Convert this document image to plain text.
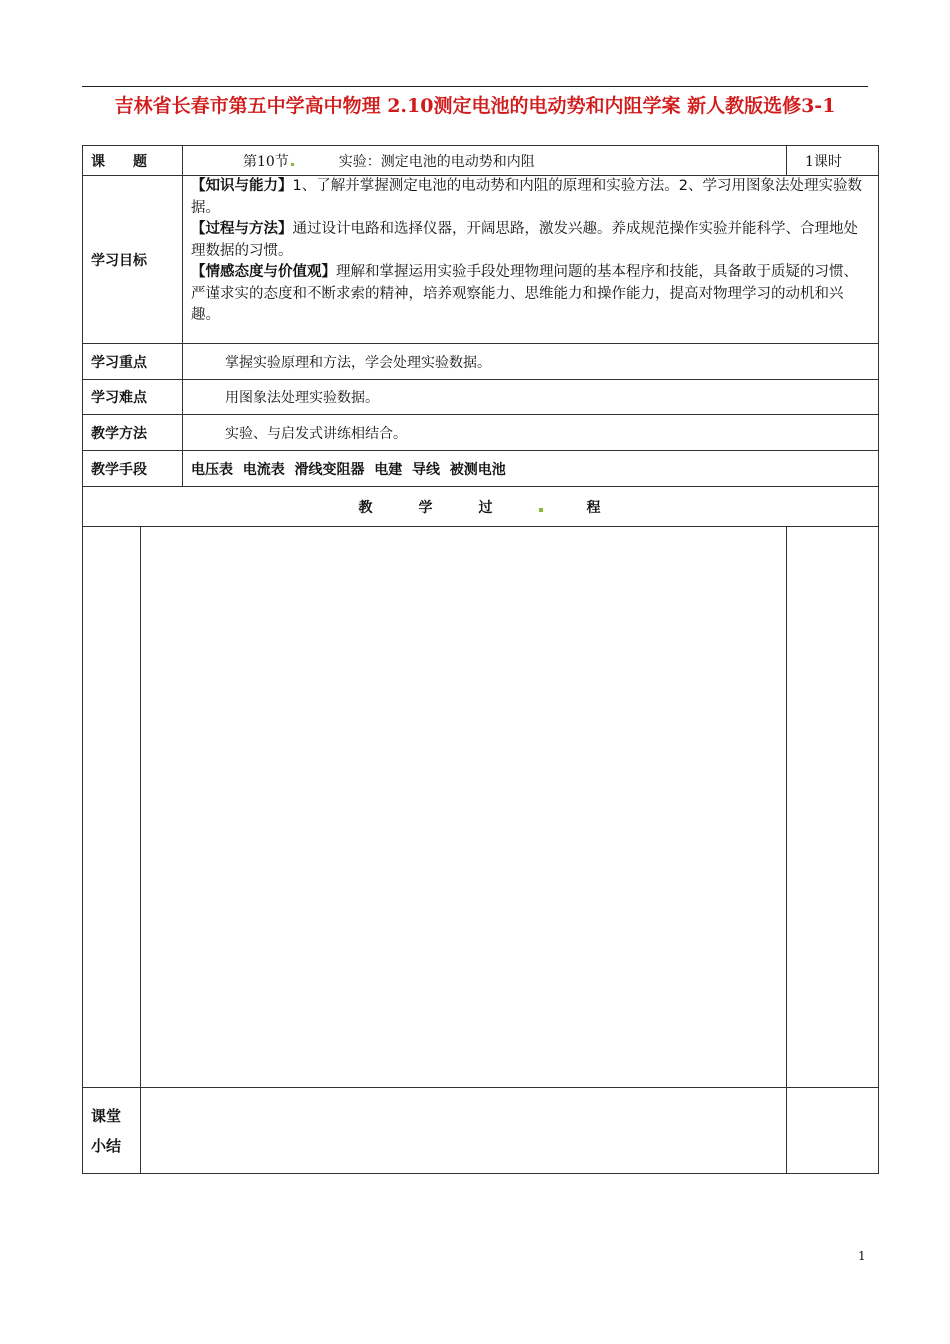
吉林省长春市第五中学高中物理 2.10测定电池的电动势和内阻学案 新人教版选修3-1
课　　题		第10节 实验：测定电池的电动势和内阻	1课时
学习目标		【知识与能力】1、了解并掌握测定电池的电动势和内阻的原理和实验方法。2、学习用图象法处理实验数据。
【过程与方法】通过设计电路和选择仪器，开阔思路，激发兴趣。养成规范操作实验并能科学、合理地处理数据的习惯。
【情感态度与价值观】理解和掌握运用实验手段处理物理问题的基本程序和技能，具备敢于质疑的习惯、严谨求实的态度和不断求索的精神，培养观察能力、思维能力和操作能力，提高对物理学习的动机和兴趣。	

学习重点		掌握实验原理和方法，学会处理实验数据。	
学习难点		用图象法处理实验数据。	
教学方法		实验、与启发式讲练相结合。	
教学手段		电压表  电流表  滑线变阻器  电建  导线  被测电池	
教 学 过 程			

课堂
小结			

1
